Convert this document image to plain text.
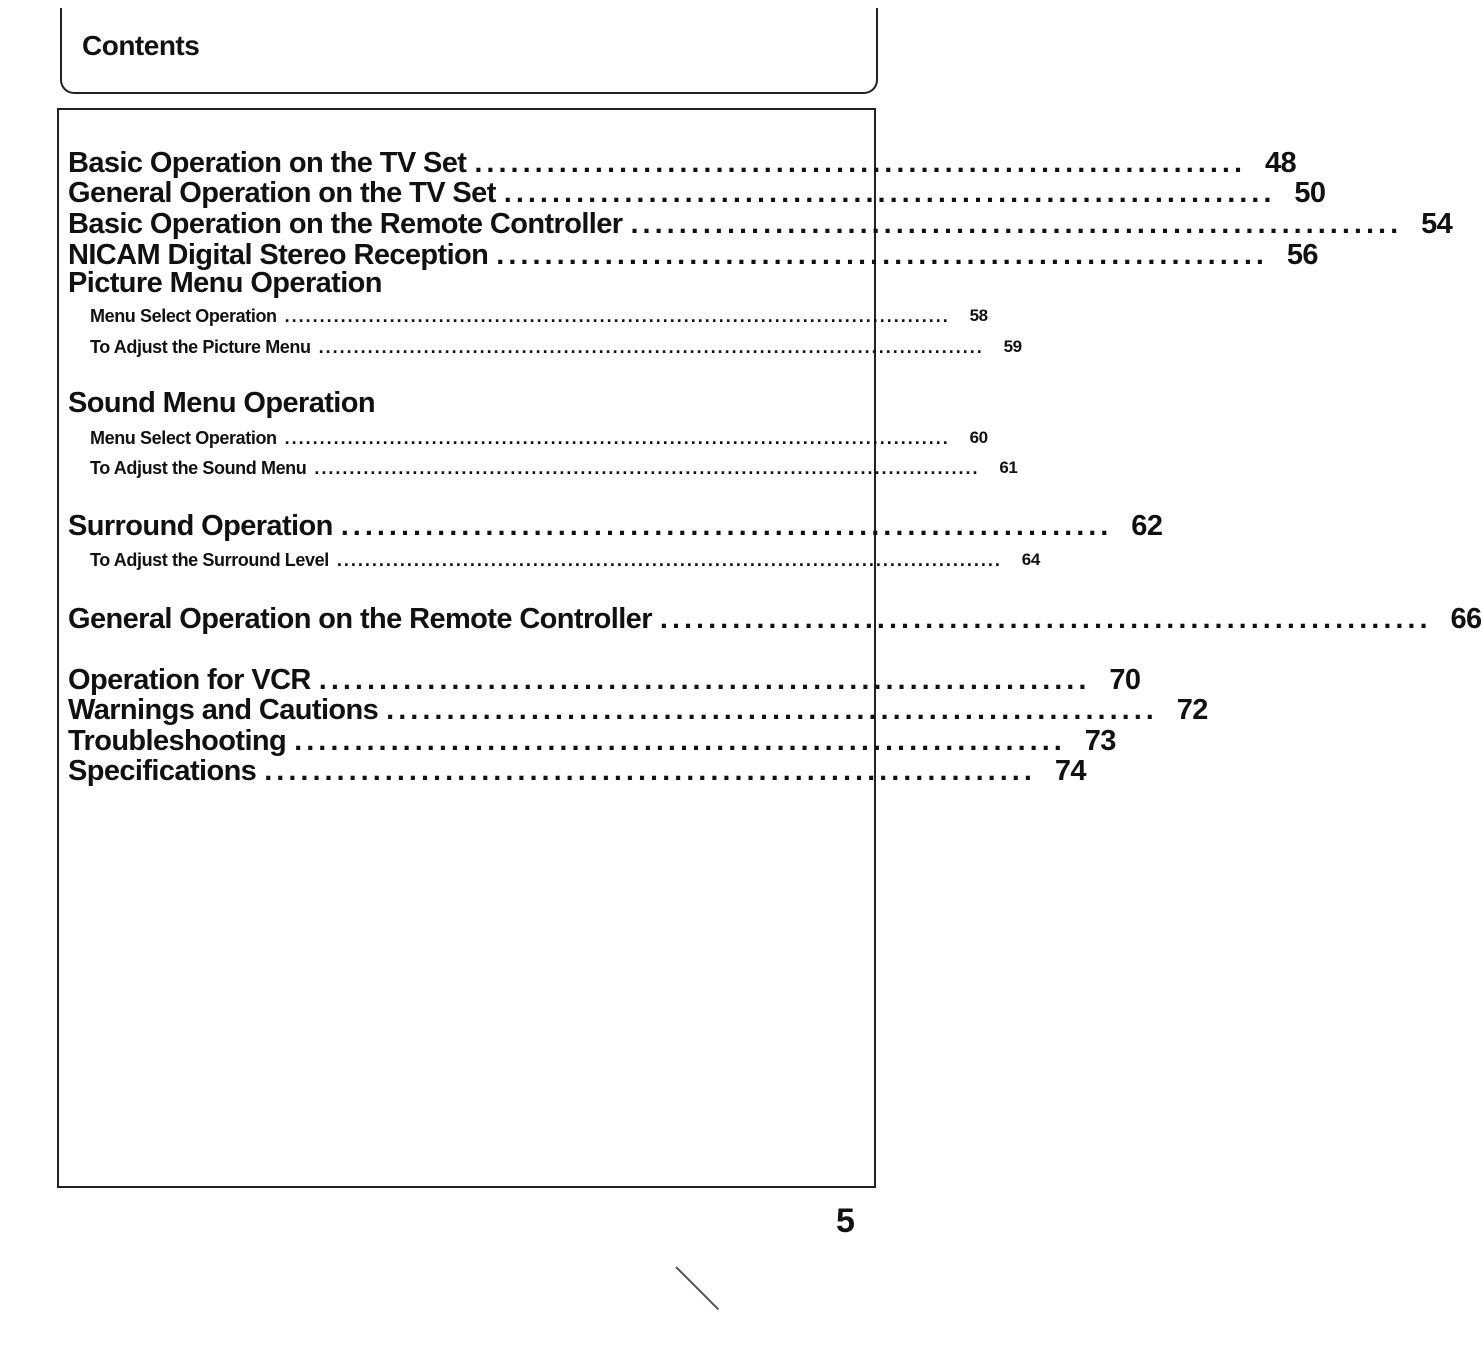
Contents
Basic Operation on the TV Set ................................................................ 48
General Operation on the TV Set ................................................................ 50
Basic Operation on the Remote Controller ................................................................ 54
NICAM Digital Stereo Reception ................................................................ 56
Picture Menu Operation
Menu Select Operation ...............................................................................................	58
To Adjust the Picture Menu ...............................................................................................	59
Sound Menu Operation
Menu Select Operation ...............................................................................................	60
To Adjust the Sound Menu ...............................................................................................	61
Surround Operation ................................................................ 62
To Adjust the Surround Level ...............................................................................................	64
General Operation on the Remote Controller ................................................................ 66
Operation for VCR ................................................................ 70
Warnings and Cautions ................................................................ 72
Troubleshooting ................................................................ 73
Specifications ................................................................ 74
5
